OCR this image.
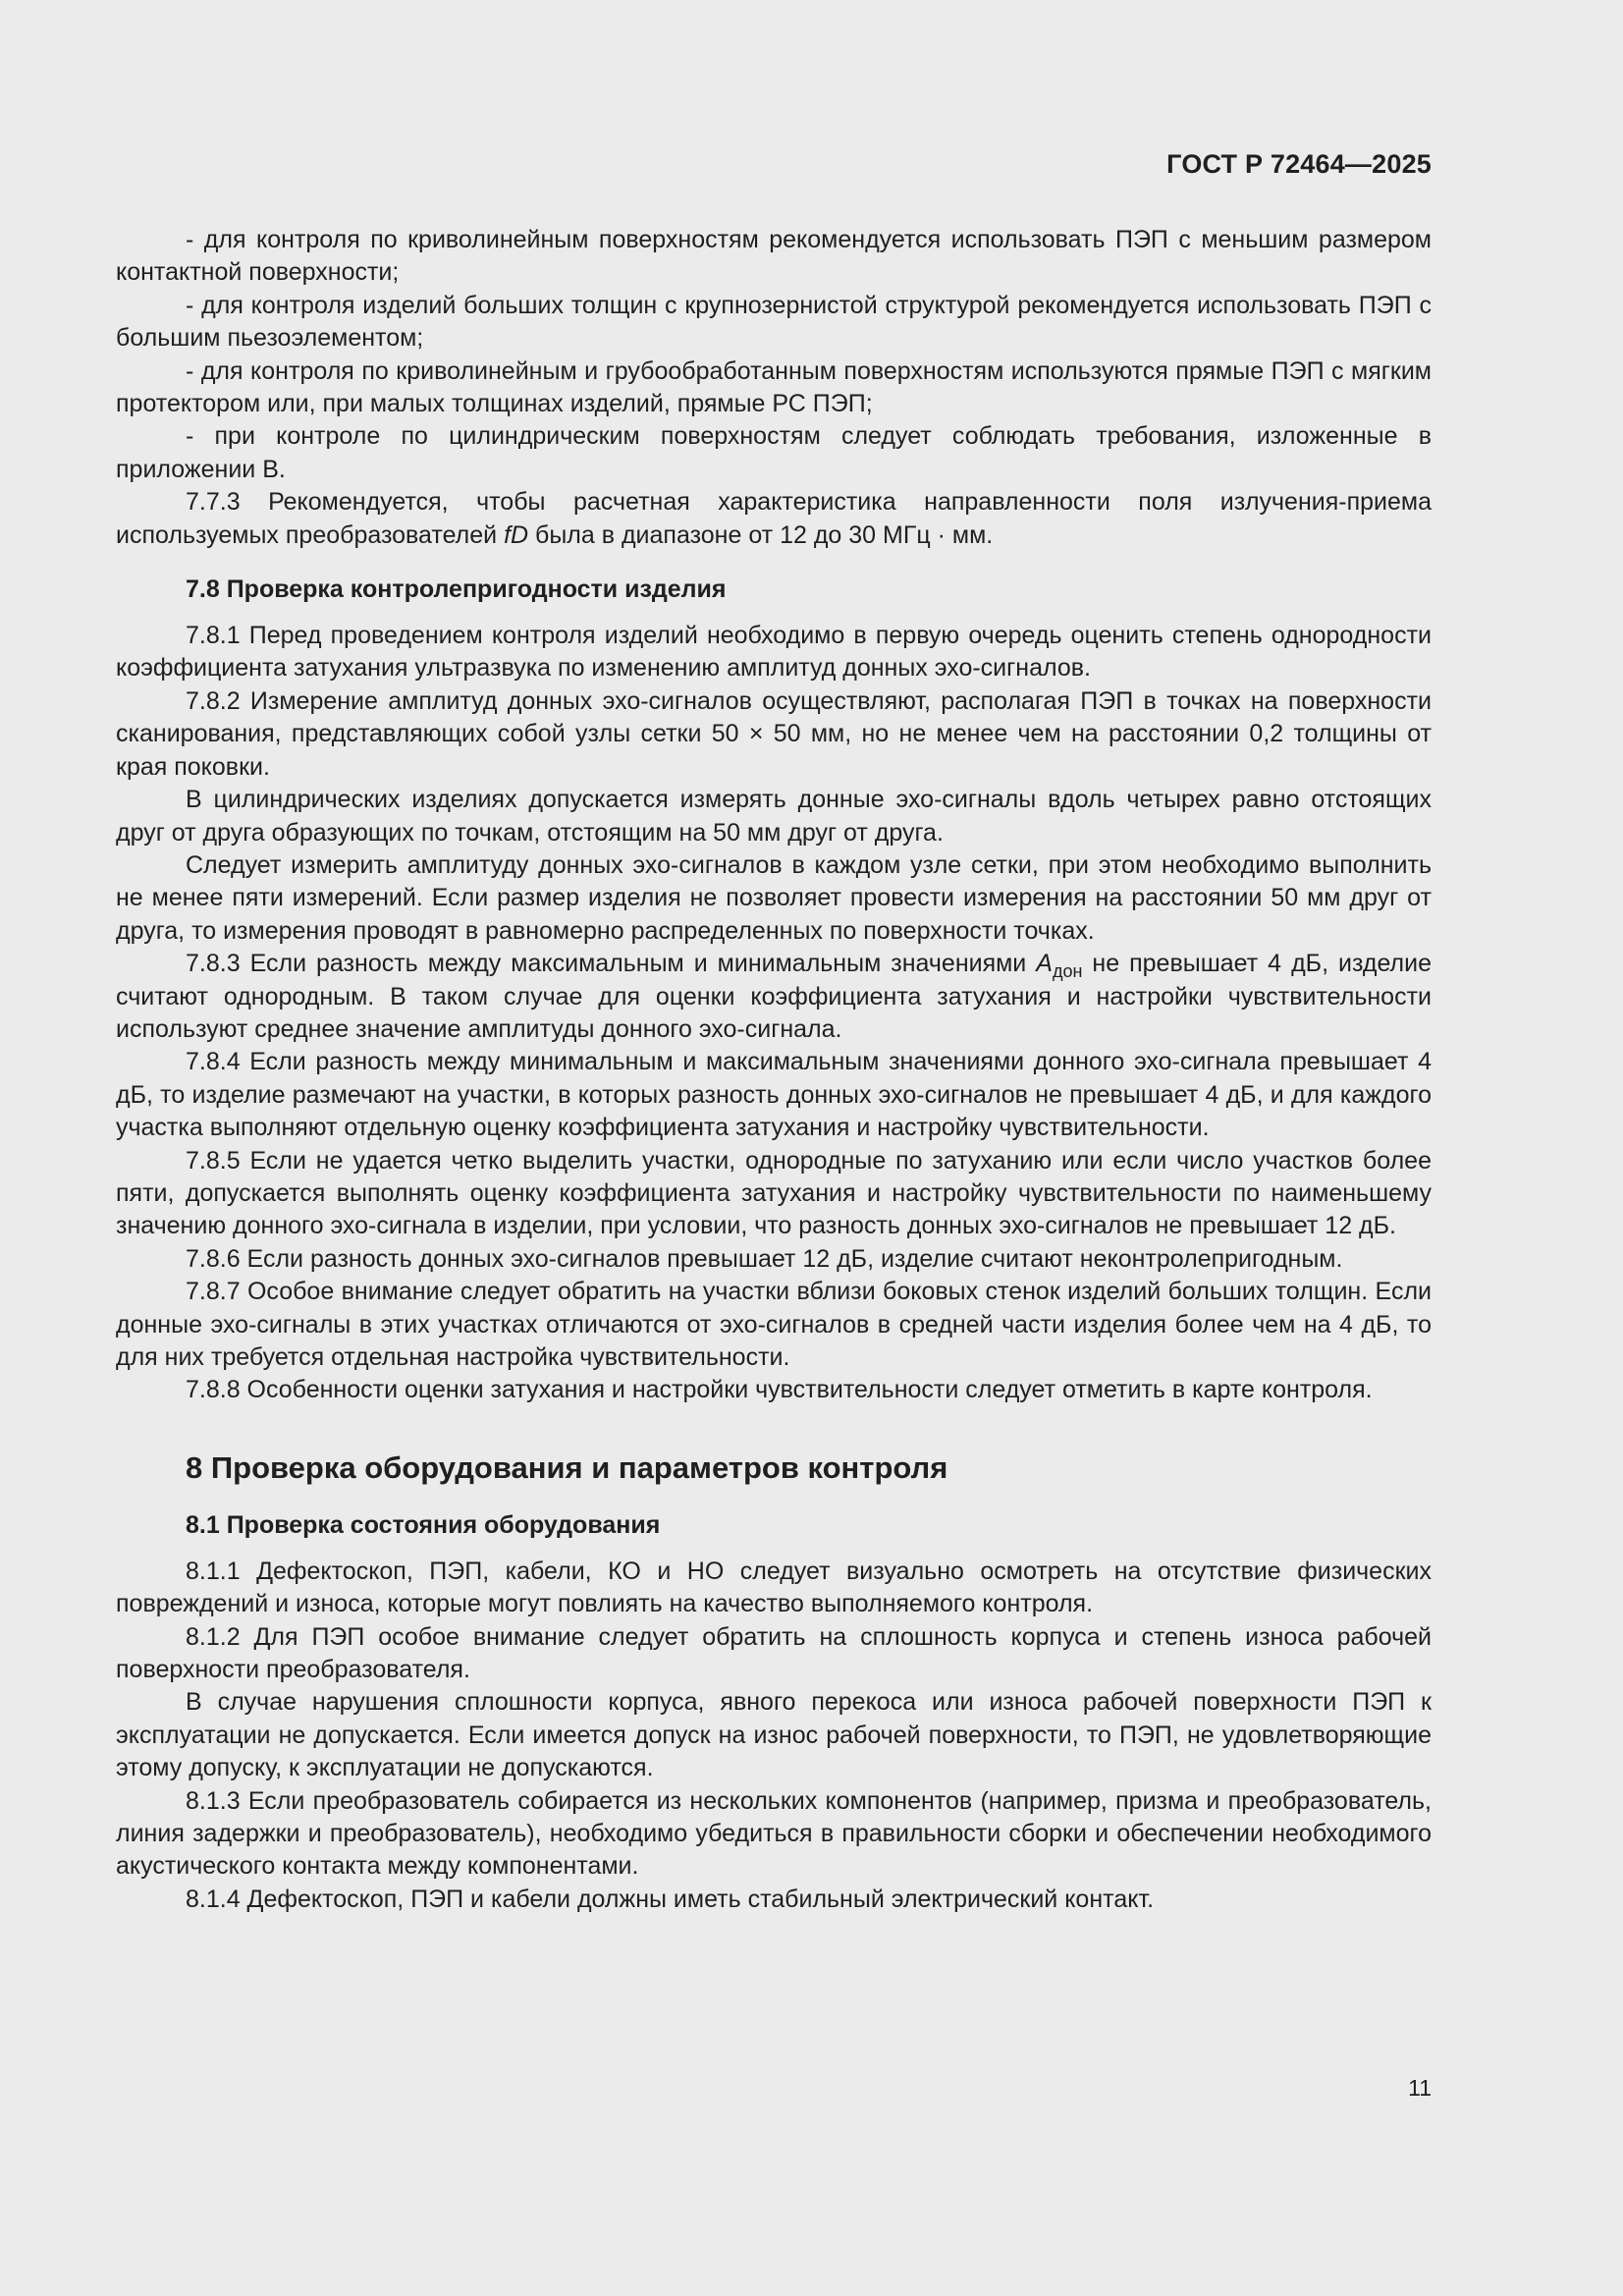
ГОСТ Р 72464—2025

- для контроля по криволинейным поверхностям рекомендуется использовать ПЭП с меньшим размером контактной поверхности;

- для контроля изделий больших толщин с крупнозернистой структурой рекомендуется использовать ПЭП с большим пьезоэлементом;

- для контроля по криволинейным и грубообработанным поверхностям используются прямые ПЭП с мягким протектором или, при малых толщинах изделий, прямые РС ПЭП;

- при контроле по цилиндрическим поверхностям следует соблюдать требования, изложенные в приложении В.

7.7.3 Рекомендуется, чтобы расчетная характеристика направленности поля излучения-приема используемых преобразователей fD была в диапазоне от 12 до 30 МГц · мм.

7.8 Проверка контролепригодности изделия

7.8.1 Перед проведением контроля изделий необходимо в первую очередь оценить степень однородности коэффициента затухания ультразвука по изменению амплитуд донных эхо-сигналов.

7.8.2 Измерение амплитуд донных эхо-сигналов осуществляют, располагая ПЭП в точках на поверхности сканирования, представляющих собой узлы сетки 50 × 50 мм, но не менее чем на расстоянии 0,2 толщины от края поковки.

В цилиндрических изделиях допускается измерять донные эхо-сигналы вдоль четырех равно отстоящих друг от друга образующих по точкам, отстоящим на 50 мм друг от друга.

Следует измерить амплитуду донных эхо-сигналов в каждом узле сетки, при этом необходимо выполнить не менее пяти измерений. Если размер изделия не позволяет провести измерения на расстоянии 50 мм друг от друга, то измерения проводят в равномерно распределенных по поверхности точках.

7.8.3 Если разность между максимальным и минимальным значениями $A_{дон}$ не превышает 4 дБ, изделие считают однородным. В таком случае для оценки коэффициента затухания и настройки чувствительности используют среднее значение амплитуды донного эхо-сигнала.

7.8.4 Если разность между минимальным и максимальным значениями донного эхо-сигнала превышает 4 дБ, то изделие размечают на участки, в которых разность донных эхо-сигналов не превышает 4 дБ, и для каждого участка выполняют отдельную оценку коэффициента затухания и настройку чувствительности.

7.8.5 Если не удается четко выделить участки, однородные по затуханию или если число участков более пяти, допускается выполнять оценку коэффициента затухания и настройку чувствительности по наименьшему значению донного эхо-сигнала в изделии, при условии, что разность донных эхо-сигналов не превышает 12 дБ.

7.8.6 Если разность донных эхо-сигналов превышает 12 дБ, изделие считают неконтролепригодным.

7.8.7 Особое внимание следует обратить на участки вблизи боковых стенок изделий больших толщин. Если донные эхо-сигналы в этих участках отличаются от эхо-сигналов в средней части изделия более чем на 4 дБ, то для них требуется отдельная настройка чувствительности.

7.8.8 Особенности оценки затухания и настройки чувствительности следует отметить в карте контроля.

8 Проверка оборудования и параметров контроля
8.1 Проверка состояния оборудования

8.1.1 Дефектоскоп, ПЭП, кабели, КО и НО следует визуально осмотреть на отсутствие физических повреждений и износа, которые могут повлиять на качество выполняемого контроля.

8.1.2 Для ПЭП особое внимание следует обратить на сплошность корпуса и степень износа рабочей поверхности преобразователя.

В случае нарушения сплошности корпуса, явного перекоса или износа рабочей поверхности ПЭП к эксплуатации не допускается. Если имеется допуск на износ рабочей поверхности, то ПЭП, не удовлетворяющие этому допуску, к эксплуатации не допускаются.

8.1.3 Если преобразователь собирается из нескольких компонентов (например, призма и преобразователь, линия задержки и преобразователь), необходимо убедиться в правильности сборки и обеспечении необходимого акустического контакта между компонентами.

8.1.4 Дефектоскоп, ПЭП и кабели должны иметь стабильный электрический контакт.

11
